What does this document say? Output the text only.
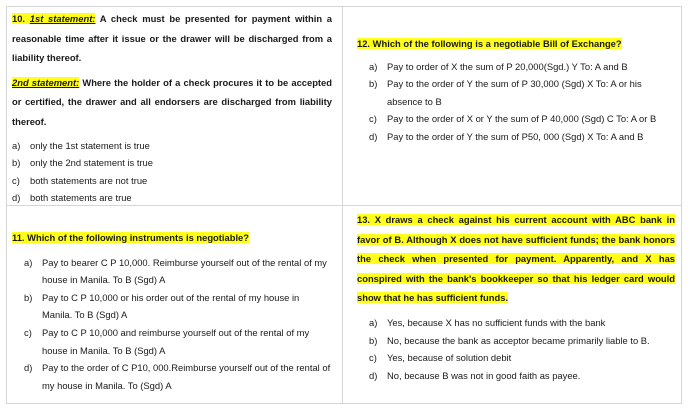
10. 1st statement: A check must be presented for payment within a reasonable time after it issue or the drawer will be discharged from a liability thereof.
2nd statement: Where the holder of a check procures it to be accepted or certified, the drawer and all endorsers are discharged from liability thereof.
a) only the 1st statement is true
b) only the 2nd statement is true
c) both statements are not true
d) both statements are true
11. Which of the following instruments is negotiable?
a) Pay to bearer C P 10,000. Reimburse yourself out of the rental of my house in Manila. To B (Sgd) A
b) Pay to C P 10,000 or his order out of the rental of my house in Manila. To B (Sgd) A
c) Pay to C P 10,000 and reimburse yourself out of the rental of my house in Manila. To B (Sgd) A
d) Pay to the order of C P10, 000.Reimburse yourself out of the rental of my house in Manila. To (Sgd) A
12. Which of the following is a negotiable Bill of Exchange?
a) Pay to order of X the sum of P 20,000(Sgd.) Y To: A and B
b) Pay to the order of Y the sum of P 30,000 (Sgd) X To: A or his absence to B
c) Pay to the order of X or Y the sum of P 40,000 (Sgd) C To: A or B
d) Pay to the order of Y the sum of P50, 000 (Sgd) X To: A and B
13. X draws a check against his current account with ABC bank in favor of B. Although X does not have sufficient funds; the bank honors the check when presented for payment. Apparently, and X has conspired with the bank's bookkeeper so that his ledger card would show that he has sufficient funds.
a) Yes, because X has no sufficient funds with the bank
b) No, because the bank as acceptor became primarily liable to B.
c) Yes, because of solution debit
d) No, because B was not in good faith as payee.
